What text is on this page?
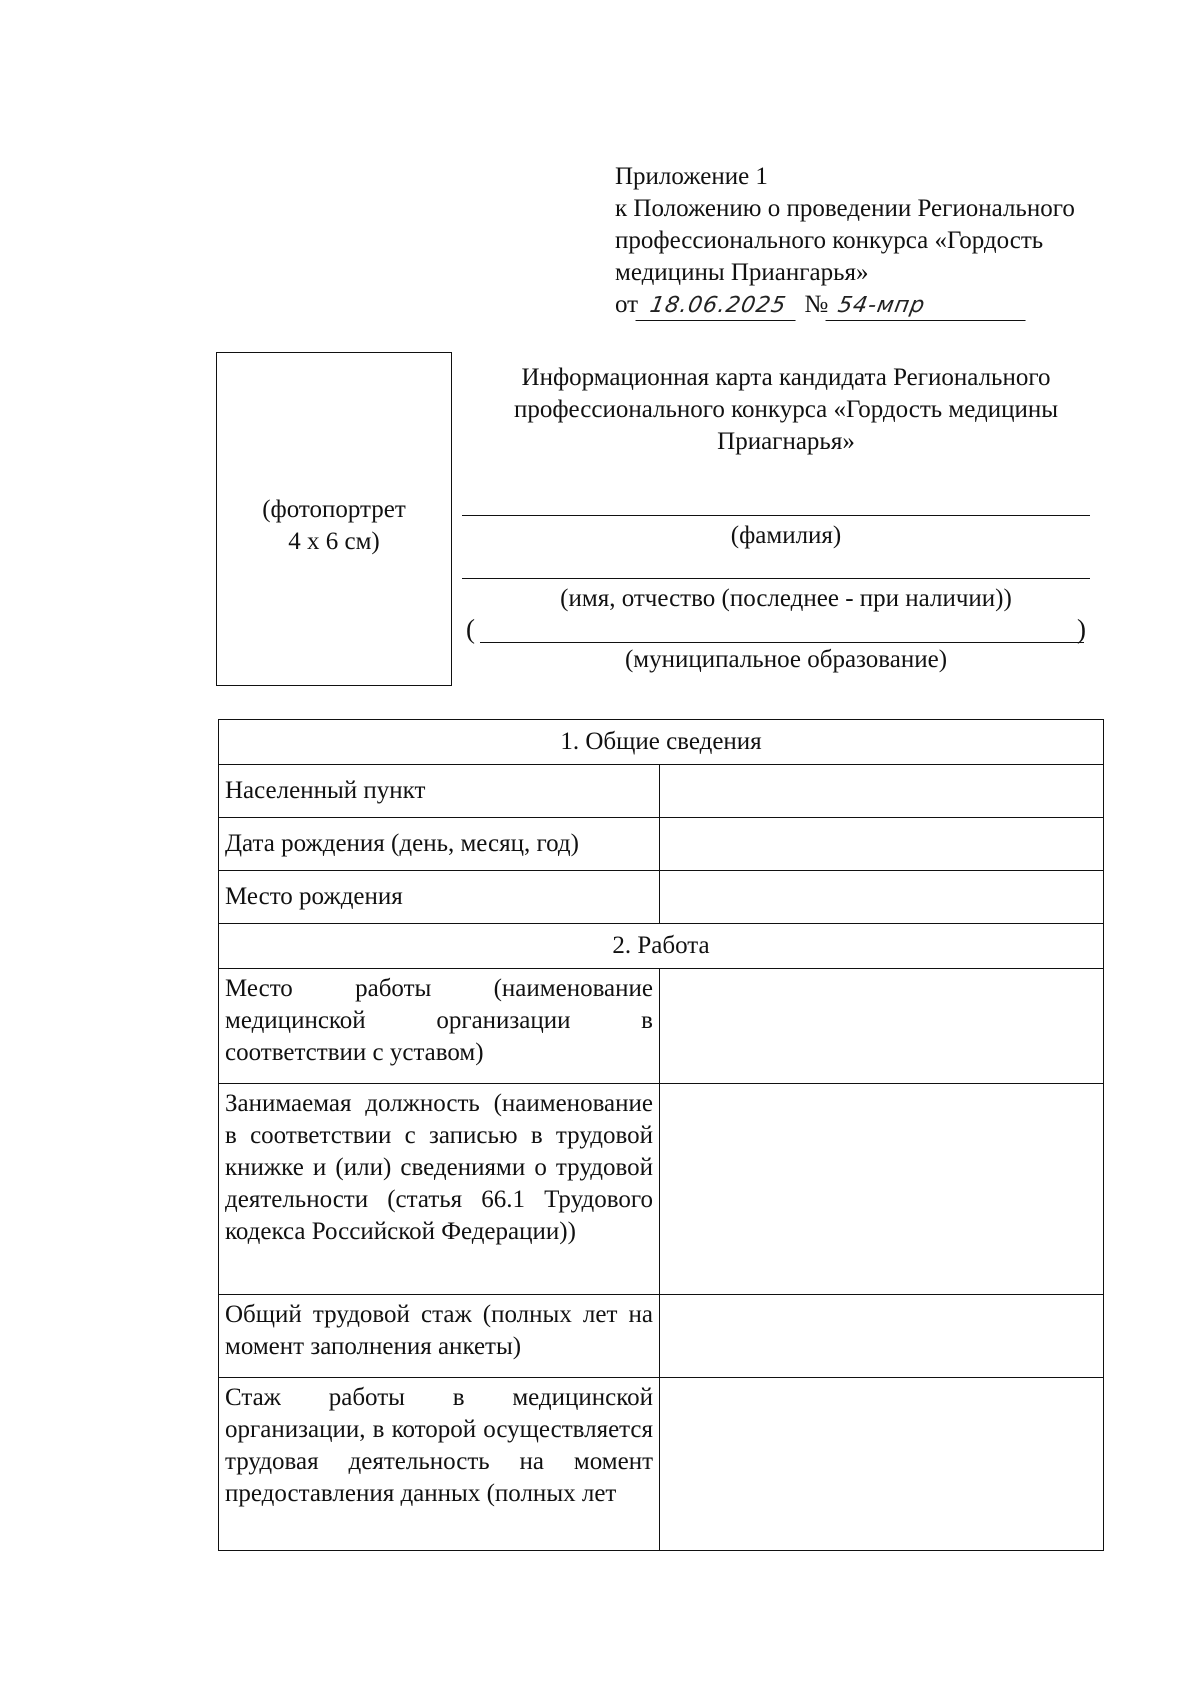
Приложение 1
к Положению о проведении Регионального
профессионального конкурса «Гордость
медицины Приангарья»
от 18.06.2025 № 54-мпр
(фотопортрет
4 х 6 см)
Информационная карта кандидата Регионального
профессионального конкурса «Гордость медицины
Приагнарья»
(фамилия)
(имя, отчество (последнее - при наличии))
(	)
(муниципальное образование)
1. Общие сведения	
Населенный пункт	
Дата рождения (день, месяц, год)	
Место рождения	
2. Работа	
Место работы (наименование медицинской организации в соответствии с уставом)	
Занимаемая должность (наименование в соответствии с записью в трудовой книжке и (или) сведениями о трудовой деятельности (статья 66.1 Трудового кодекса Российской Федерации))	
Общий трудовой стаж (полных лет на момент заполнения анкеты)	
Стаж работы в медицинской организации, в которой осуществляется трудовая деятельность на момент предоставления данных (полных лет	
